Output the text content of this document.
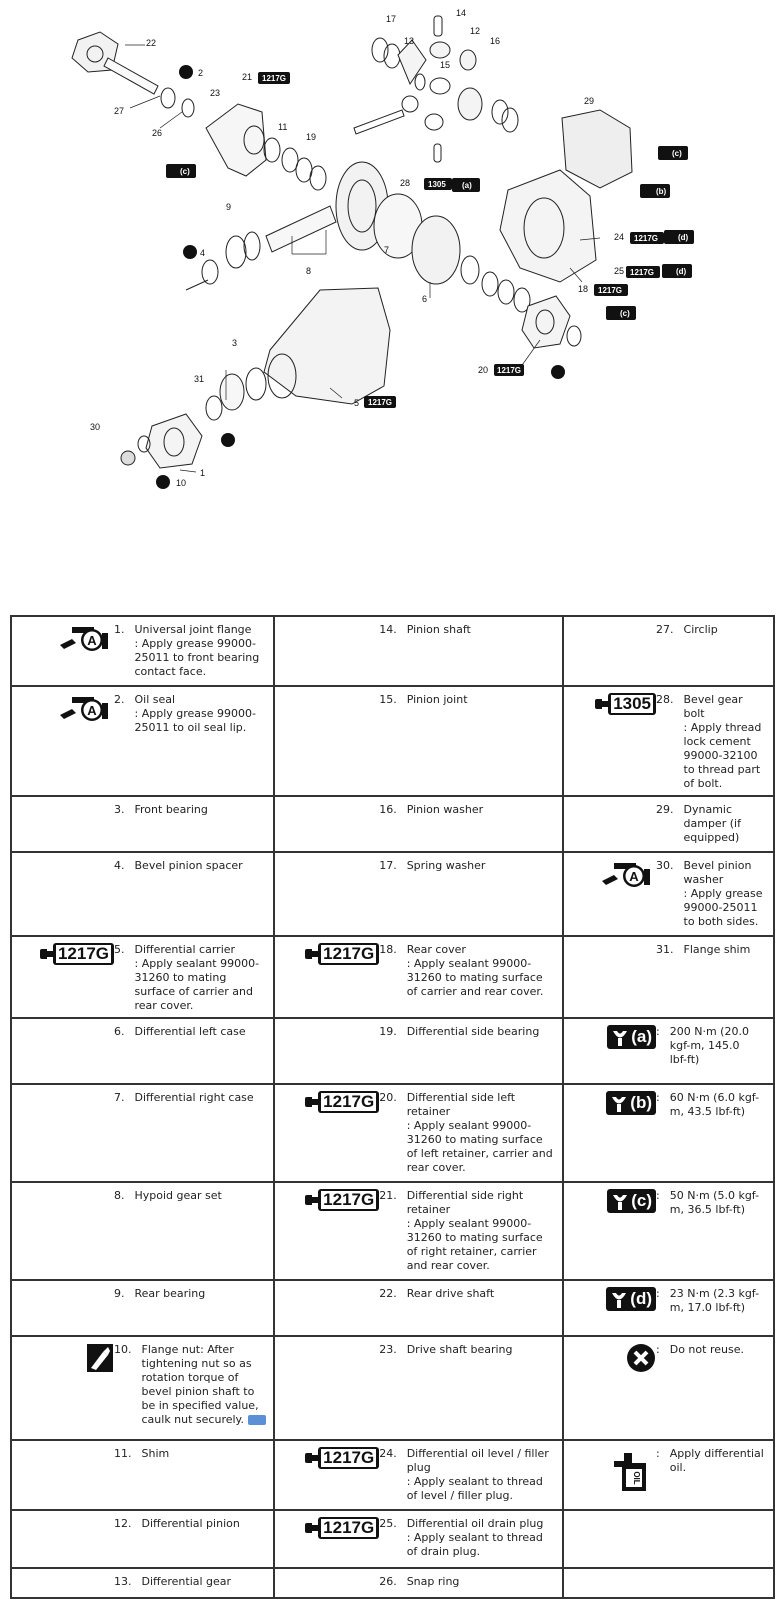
1
2
3
4
5
6
7
8
9
10
11
12
13
14
15
16
17
18
19
20
21
22
23
24
25
26
27
28
29
30
31
1217G
1305 (a)
(c)
(b)
1217G (d)
1217G	(d)
1217G
(c)
1217G
1217G
(c)
A
1. Universal joint flange
: Apply grease 99000-25011 to front bearing contact face.	14. Pinion shaft	27. Circlip

A
2. Oil seal
: Apply grease 99000-25011 to oil seal lip.	15. Pinion joint	1305 28. Bevel gear bolt
: Apply thread lock cement 99000-32100 to thread part of bolt.

3. Front bearing	16. Pinion washer	29. Dynamic damper (if equipped)

4. Bevel pinion spacer	17. Spring washer	A
30. Bevel pinion washer
: Apply grease 99000-25011 to both sides.

1217G 5. Differential carrier
: Apply sealant 99000-31260 to mating surface of carrier and rear cover.	1217G 18. Rear cover
: Apply sealant 99000-31260 to mating surface of carrier and rear cover.	31. Flange shim

6. Differential left case	19. Differential side bearing	(a) : 200 N·m (20.0 kgf-m, 145.0
lbf-ft)

7. Differential right case	1217G 20. Differential side left retainer
: Apply sealant 99000-31260 to mating surface of left retainer, carrier and rear cover.	(b) : 60 N·m (6.0 kgf-m, 43.5 lbf-ft)

8. Hypoid gear set	1217G 21. Differential side right retainer
: Apply sealant 99000-31260 to mating surface of right retainer, carrier and rear cover.	(c) : 50 N·m (5.0 kgf-m, 36.5 lbf-ft)

9. Rear bearing	22. Rear drive shaft	(d) : 23 N·m (2.3 kgf-m, 17.0 lbf-ft)

10. Flange nut: After tightening nut so as rotation torque of bevel pinion shaft to be in specified value, caulk nut securely.	23. Drive shaft bearing	: Do not reuse.

11. Shim	1217G 24. Differential oil level / filler plug
: Apply sealant to thread of level / filler plug.	OIL
: Apply differential oil.

12. Differential pinion	1217G 25. Differential oil drain plug
: Apply sealant to thread of drain plug.	

13. Differential gear	26. Snap ring	
